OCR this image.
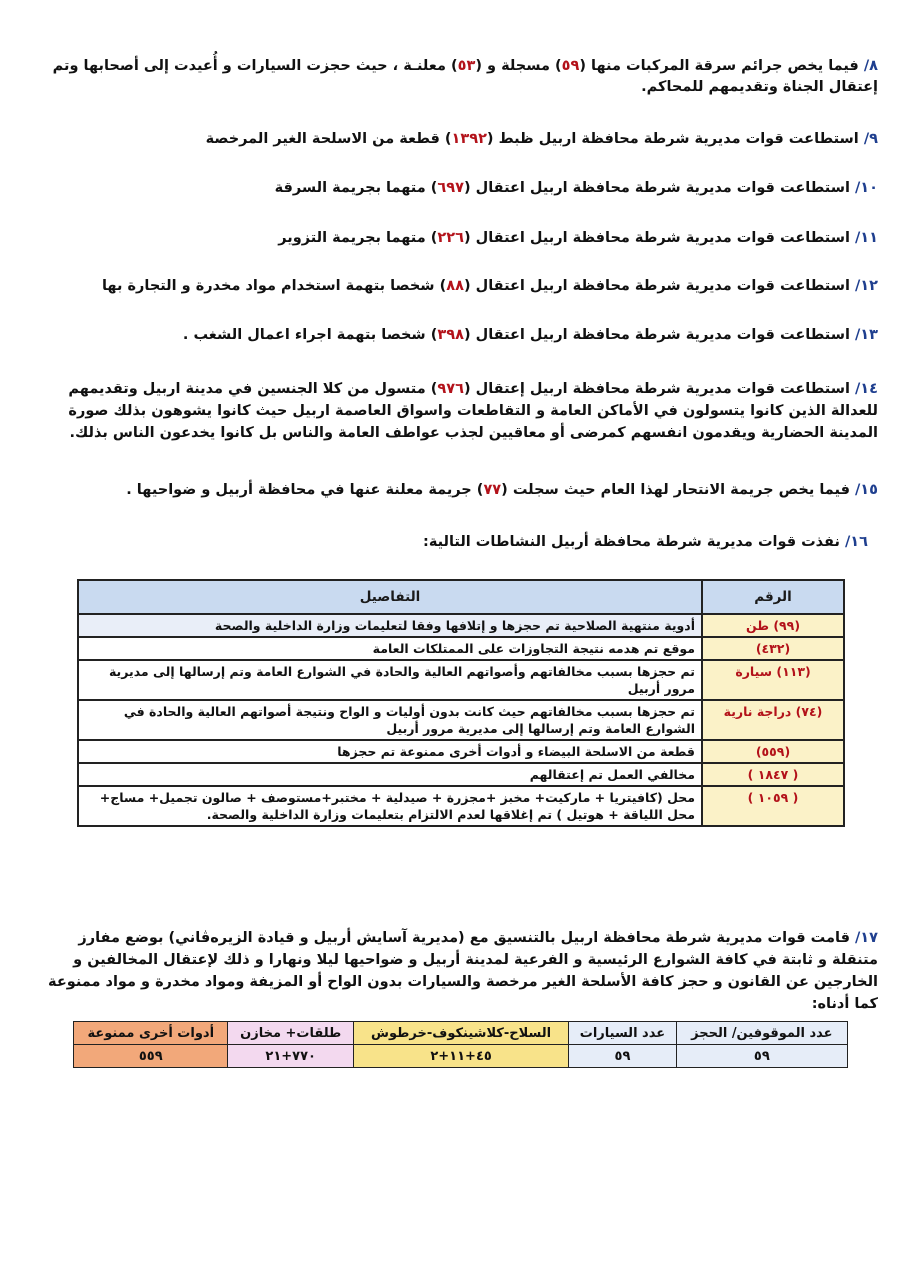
٨/ فيما يخص جرائم سرقة المركبات منها (٥٩) مسجلة و (٥٣) معلنـة ، حيث حجزت السيارات و أُعيدت إلى أصحابها وتم إعتقال الجناة وتقديمهم للمحاكم.
٩/ استطاعت قوات مديرية شرطة محافظة اربيل ظبط (١٣٩٢) قطعة من الاسلحة الغير المرخصة
١٠/ استطاعت قوات مديرية شرطة محافظة اربيل اعتقال (٦٩٧) متهما بجريمة السرقة
١١/ استطاعت قوات مديرية شرطة محافظة اربيل اعتقال (٢٢٦) متهما بجريمة التزوير
١٢/ استطاعت قوات مديرية شرطة محافظة اربيل اعتقال (٨٨) شخصا بتهمة استخدام مواد مخدرة و التجارة بها
١٣/ استطاعت قوات مديرية شرطة محافظة اربيل اعتقال (٣٩٨) شخصا بتهمة اجراء اعمال الشغب .
١٤/ استطاعت قوات مديرية شرطة محافظة اربيل إعتقال (٩٧٦) متسول من كلا الجنسين في مدينة اربيل وتقديمهم للعدالة الذين كانوا يتسولون في الأماكن العامة و التقاطعات واسواق العاصمة اربيل حيث كانوا يشوهون بذلك صورة المدينة الحضارية ويقدمون انفسهم كمرضى أو معاقيين لجذب عواطف العامة والناس بل كانوا يخدعون الناس بذلك.
١٥/ فيما يخص جريمة الانتحار لهذا العام حيث سجلت (٧٧) جريمة معلنة عنها في محافظة أربيل و ضواحيها .
١٦/ نفذت قوات مديرية شرطة محافظة أربيل النشاطات التالية:
الرقم	التفاصيل
(٩٩) طن	أدوية منتهية الصلاحية تم حجزها و إتلافها وفقا لتعليمات وزارة الداخلية والصحة
(٤٣٢)	موقع تم هدمه نتيجة التجاوزات على الممتلكات العامة
(١١٣) سيارة	تم حجزها بسبب مخالفاتهم وأصواتهم العالية والحادة في الشوارع العامة وتم إرسالها إلى مديرية مرور أربيل
(٧٤) دراجة نارية	تم حجزها بسبب مخالفاتهم حيث كانت بدون أوليات و الواح ونتيجة أصواتهم العالية والحادة في الشوارع العامة وتم إرسالها إلى مديرية مرور أربيل
(٥٥٩)	قطعة من الاسلحة البيضاء و أدوات أخرى ممنوعة تم حجزها
( ١٨٤٧ )	مخالفي العمل تم إعتقالهم
( ١٠٥٩ )	محل (كافيتريا + ماركيت+ مخبز +مجزرة + صيدلية + مختبر+مستوصف + صالون تجميل+ مساج+ محل اللياقة + هوتيل ) تم إغلاقها لعدم الالتزام بتعليمات وزارة الداخلية والصحة.
١٧/ قامت قوات مديرية شرطة محافظة اربيل بالتنسيق مع (مديرية آسايش أربيل و قيادة الزيرەڤاني) بوضع مفارز متنقلة و ثابتة في كافة الشوارع الرئيسية و الفرعية لمدينة أربيل و ضواحيها ليلا ونهارا و ذلك لإعتقال المخالفين و الخارجين عن القانون و حجز كافة الأسلحة الغير مرخصة والسيارات بدون الواح أو المزيفة ومواد مخدرة و مواد ممنوعة كما أدناه:
عدد الموقوفين/ الحجز	عدد السيارات	السلاح-كلاشينكوف-خرطوش	طلقات+ مخازن	أدوات أخرى ممنوعة
٥٩	٥٩	٤٥+١١+٢	٧٧٠+٢١	٥٥٩
